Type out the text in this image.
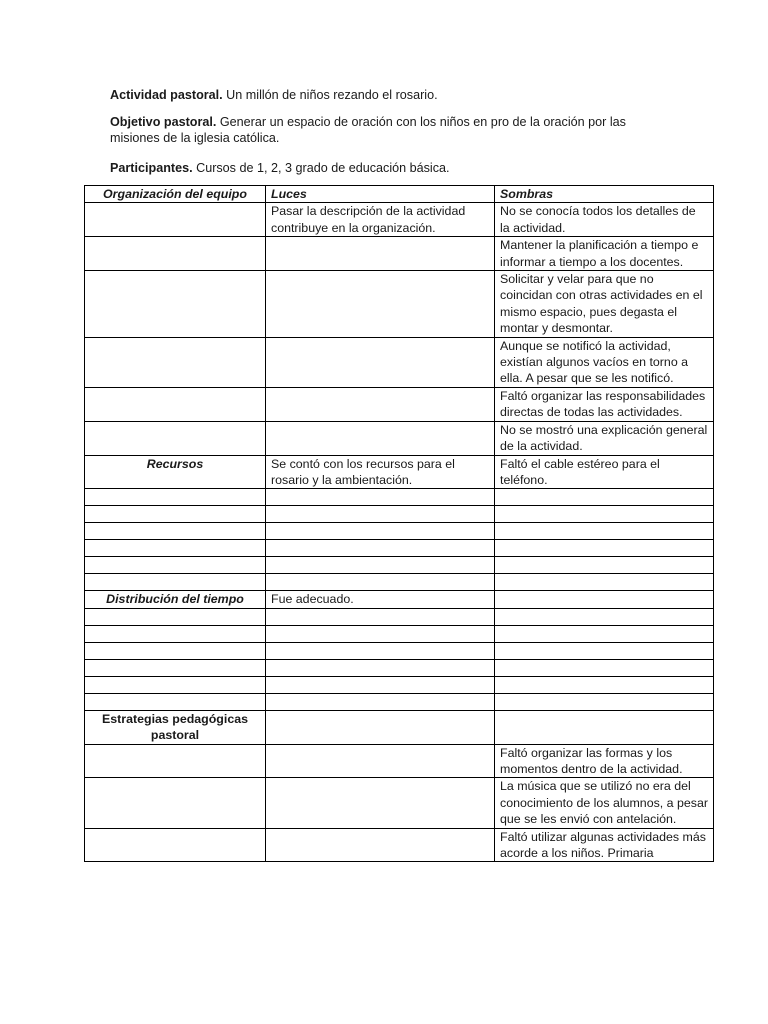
Actividad pastoral. Un millón de niños rezando el rosario.
Objetivo pastoral. Generar un espacio de oración con los niños en pro de la oración por las misiones de la iglesia católica.
Participantes. Cursos de 1, 2, 3 grado de educación básica.
Organización del equipo	Luces	Sombras
	Pasar la descripción de la actividad contribuye en la organización.	No se conocía todos los detalles de la actividad.
		Mantener la planificación a tiempo e informar a tiempo a los docentes.
		Solicitar y velar para que no coincidan con otras actividades en el mismo espacio, pues degasta el montar y desmontar.
		Aunque se notificó la actividad, existían algunos vacíos en torno a ella. A pesar que se les notificó.
		Faltó organizar las responsabilidades directas de todas las actividades.
		No se mostró una explicación general de la actividad.
Recursos	Se contó con los recursos para el rosario y la ambientación.	Faltó el cable estéreo para el teléfono.

Distribución del tiempo	Fue adecuado.	

Estrategias pedagógicas pastoral		
		Faltó organizar las formas y los momentos dentro de la actividad.
		La música que se utilizó no era del conocimiento de los alumnos, a pesar que se les envió con antelación.
		Faltó utilizar algunas actividades más acorde a los niños. Primaria
